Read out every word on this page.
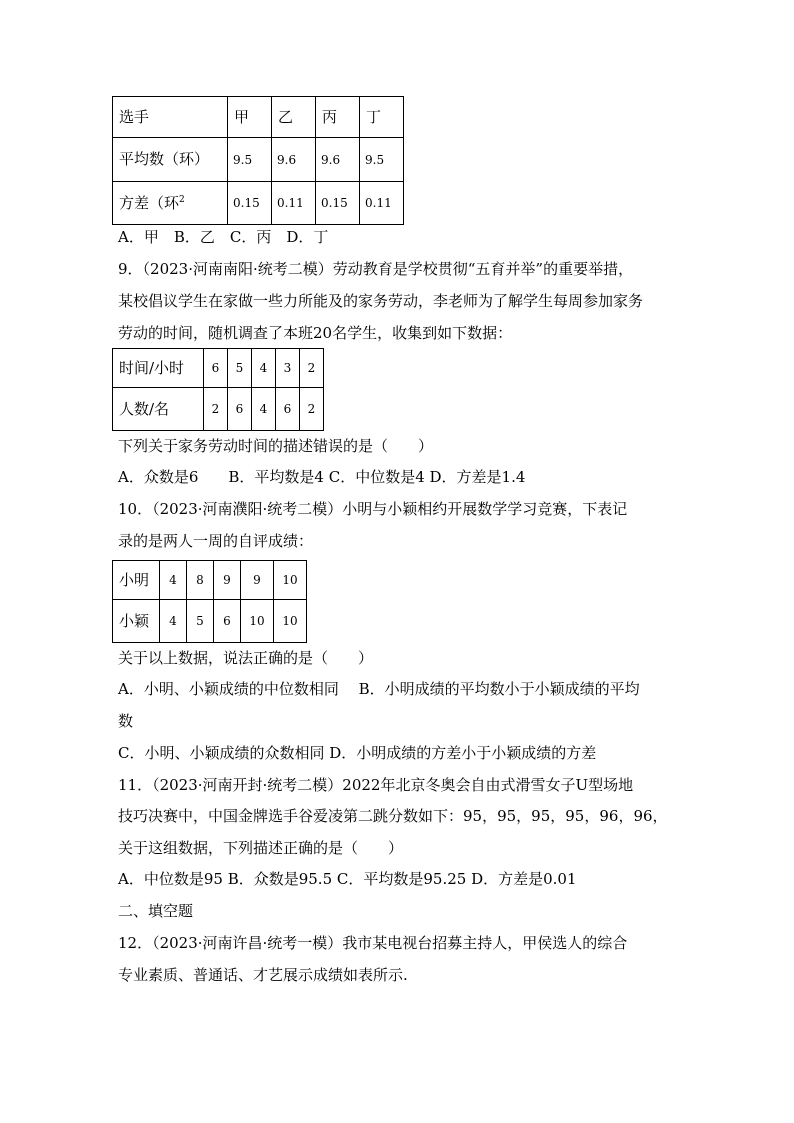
选手	甲	乙	丙	丁
平均数（环）	9.5	9.6	9.6	9.5
方差（环$^2$	0.15	0.11	0.15	0.11
A．甲　B．乙　C．丙　D．丁
9．（2023·河南南阳·统考二模）劳动教育是学校贯彻“五育并举”的重要举措，
某校倡议学生在家做一些力所能及的家务劳动，李老师为了解学生每周参加家务
劳动的时间，随机调查了本班20名学生，收集到如下数据：
时间/小时	6	5	4	3	2
人数/名	2	6	4	6	2
下列关于家务劳动时间的描述错误的是（　　）
A．众数是6　　B．平均数是4 C．中位数是4 D．方差是1.4
10．（2023·河南濮阳·统考二模）小明与小颖相约开展数学学习竞赛，下表记
录的是两人一周的自评成绩：
小明	4	8	9	9	10
小颖	4	5	6	10	10
关于以上数据，说法正确的是（　　）
A．小明、小颖成绩的中位数相同　 B．小明成绩的平均数小于小颖成绩的平均
数
C．小明、小颖成绩的众数相同 D．小明成绩的方差小于小颖成绩的方差
11．（2023·河南开封·统考二模）2022年北京冬奥会自由式滑雪女子U型场地
技巧决赛中，中国金牌选手谷爱凌第二跳分数如下：95，95，95，95，96，96，
关于这组数据，下列描述正确的是（　　）
A．中位数是95 B．众数是95.5 C．平均数是95.25 D．方差是0.01
二、填空题
12．（2023·河南许昌·统考一模）我市某电视台招募主持人，甲侯选人的综合
专业素质、普通话、才艺展示成绩如表所示.
